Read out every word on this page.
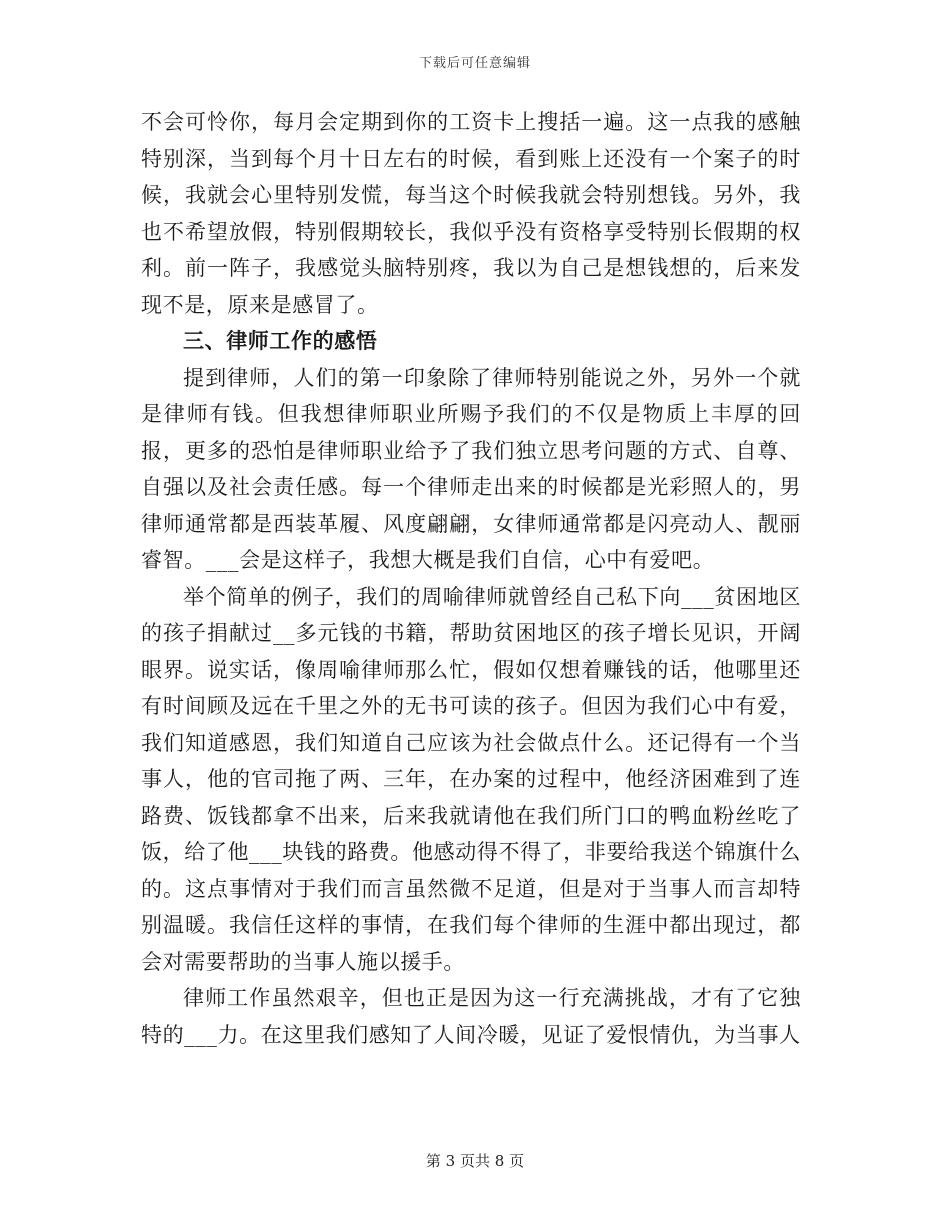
下载后可任意编辑

不会可怜你，每月会定期到你的工资卡上搜括一遍。这一点我的感触特别深，当到每个月十日左右的时候，看到账上还没有一个案子的时候，我就会心里特别发慌，每当这个时候我就会特别想钱。另外，我也不希望放假，特别假期较长，我似乎没有资格享受特别长假期的权利。前一阵子，我感觉头脑特别疼，我以为自己是想钱想的，后来发现不是，原来是感冒了。

三、律师工作的感悟

提到律师，人们的第一印象除了律师特别能说之外，另外一个就是律师有钱。但我想律师职业所赐予我们的不仅是物质上丰厚的回报，更多的恐怕是律师职业给予了我们独立思考问题的方式、自尊、自强以及社会责任感。每一个律师走出来的时候都是光彩照人的，男律师通常都是西装革履、风度翩翩，女律师通常都是闪亮动人、靓丽睿智。___会是这样子，我想大概是我们自信，心中有爱吧。

举个简单的例子，我们的周喻律师就曾经自己私下向___贫困地区的孩子捐献过__多元钱的书籍，帮助贫困地区的孩子增长见识，开阔眼界。说实话，像周喻律师那么忙，假如仅想着赚钱的话，他哪里还有时间顾及远在千里之外的无书可读的孩子。但因为我们心中有爱，我们知道感恩，我们知道自己应该为社会做点什么。还记得有一个当事人，他的官司拖了两、三年，在办案的过程中，他经济困难到了连路费、饭钱都拿不出来，后来我就请他在我们所门口的鸭血粉丝吃了饭，给了他___块钱的路费。他感动得不得了，非要给我送个锦旗什么的。这点事情对于我们而言虽然微不足道，但是对于当事人而言却特别温暖。我信任这样的事情，在我们每个律师的生涯中都出现过，都会对需要帮助的当事人施以援手。

律师工作虽然艰辛，但也正是因为这一行充满挑战，才有了它独特的___力。在这里我们感知了人间冷暖，见证了爱恨情仇，为当事人

第 3 页共 8 页
